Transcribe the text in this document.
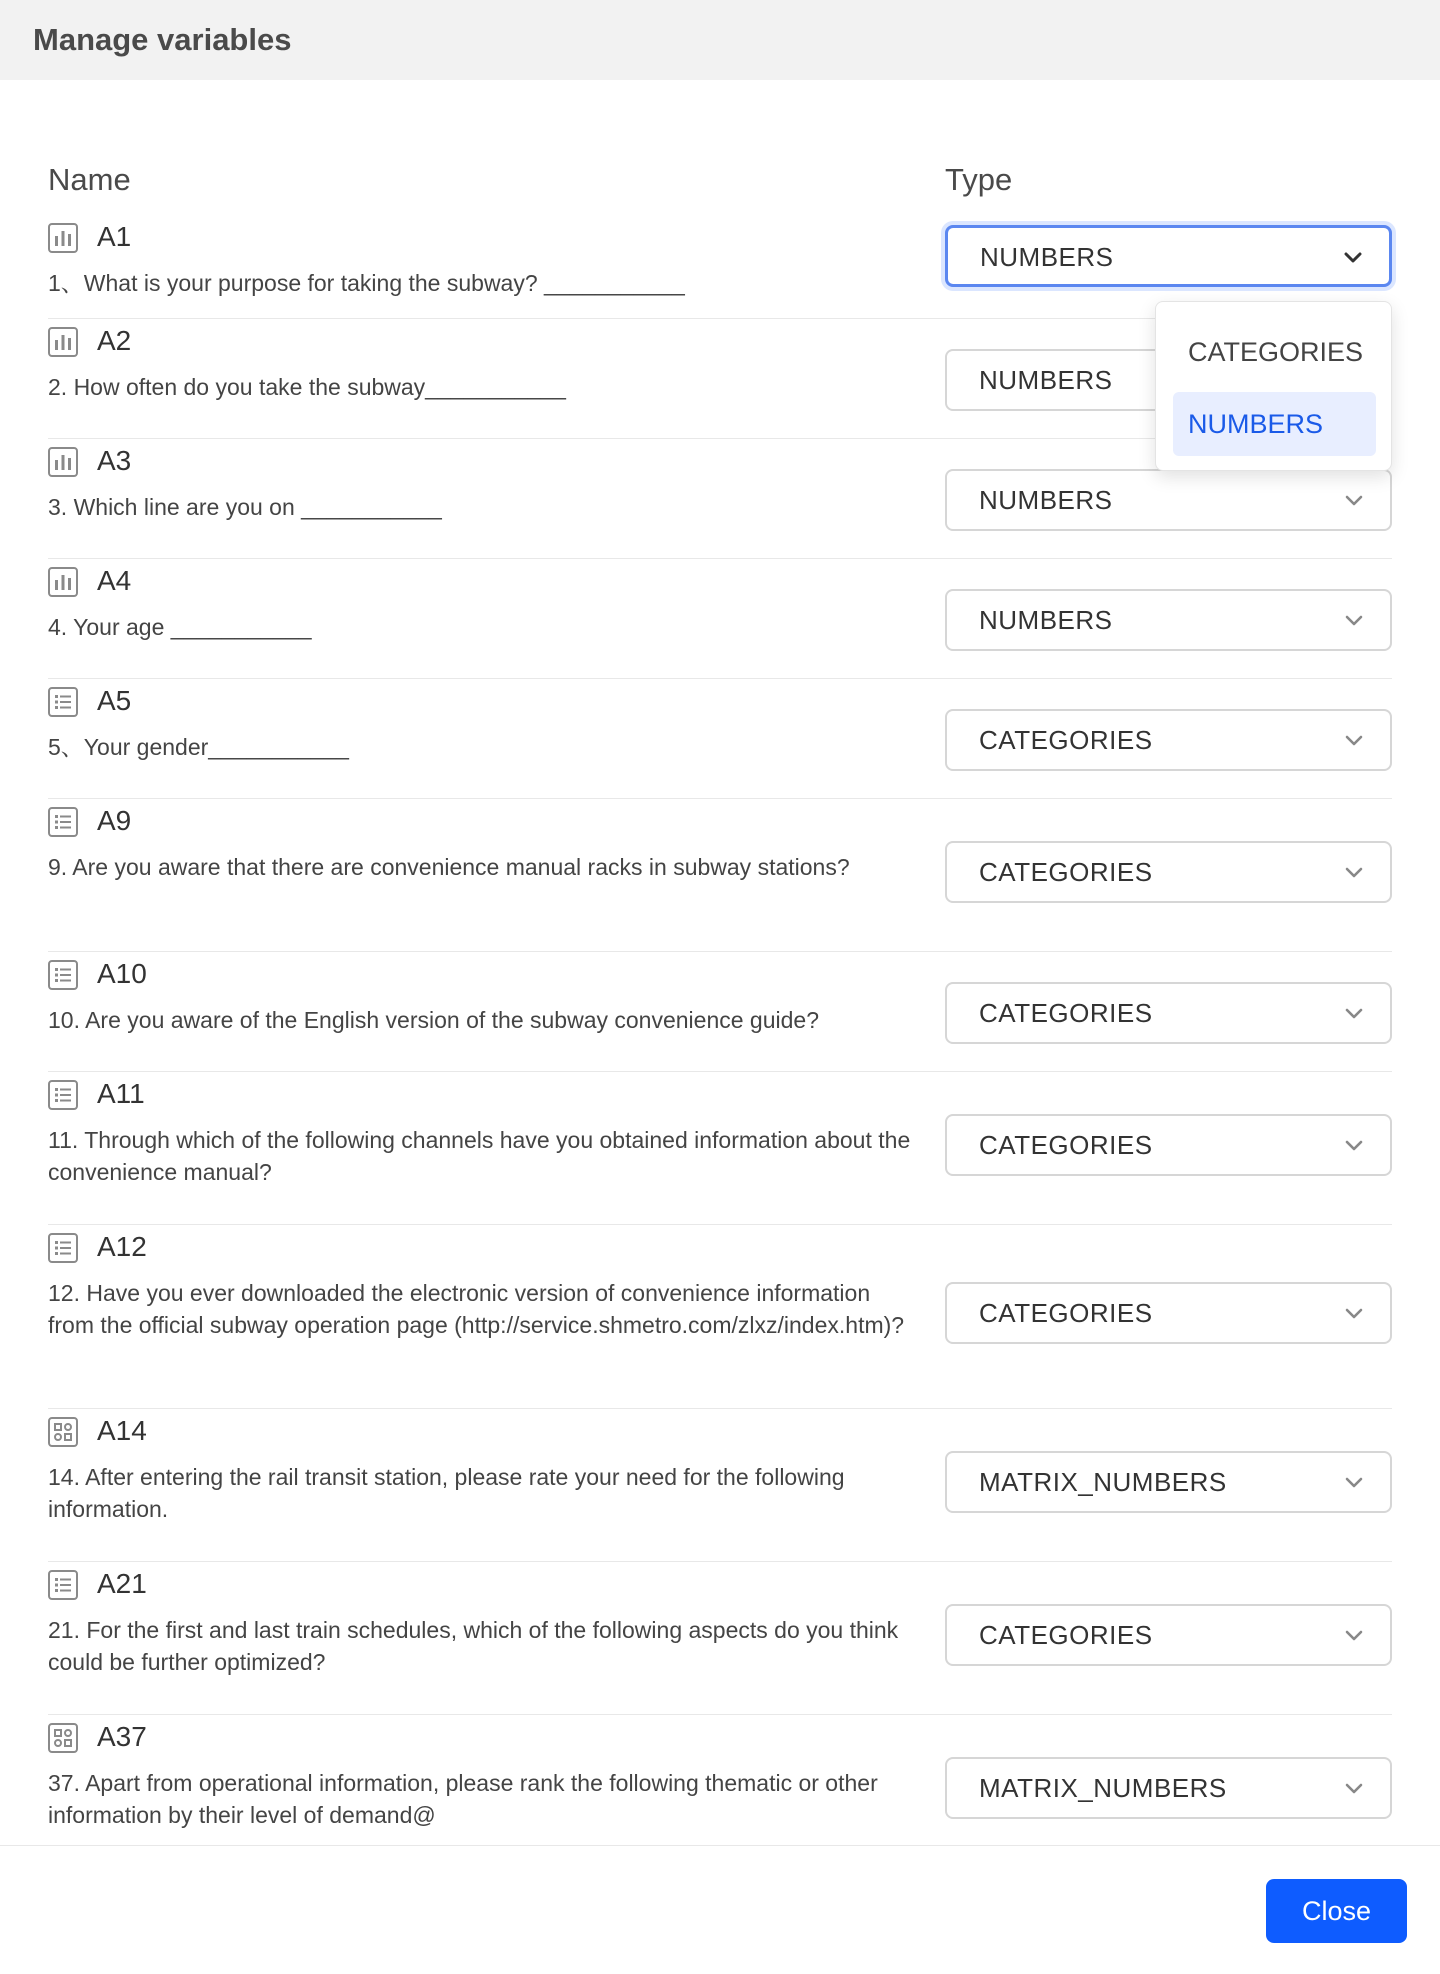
Manage variables
Name	Type
A1
1、What is your purpose for taking the subway? ___________
NUMBERS
A2
2. How often do you take the subway___________	NUMBERS
A3
3. Which line are you on ___________	NUMBERS
A4
4. Your age ___________	NUMBERS
A5
5、Your gender___________	CATEGORIES
A9
9. Are you aware that there are convenience manual racks in subway stations?	CATEGORIES
A10
10. Are you aware of the English version of the subway convenience guide?	CATEGORIES
A11
11. Through which of the following channels have you obtained information about the convenience manual?
CATEGORIES
A12
12. Have you ever downloaded the electronic version of convenience information from the official subway operation page (http://service.shmetro.com/zlxz/index.htm)?	CATEGORIES
A14
14. After entering the rail transit station, please rate your need for the following information.
MATRIX_NUMBERS
A21
21. For the first and last train schedules, which of the following aspects do you think could be further optimized?
CATEGORIES
A37
37. Apart from operational information, please rank the following thematic or other information by their level of demand@
MATRIX_NUMBERS
CATEGORIES
NUMBERS
Close
